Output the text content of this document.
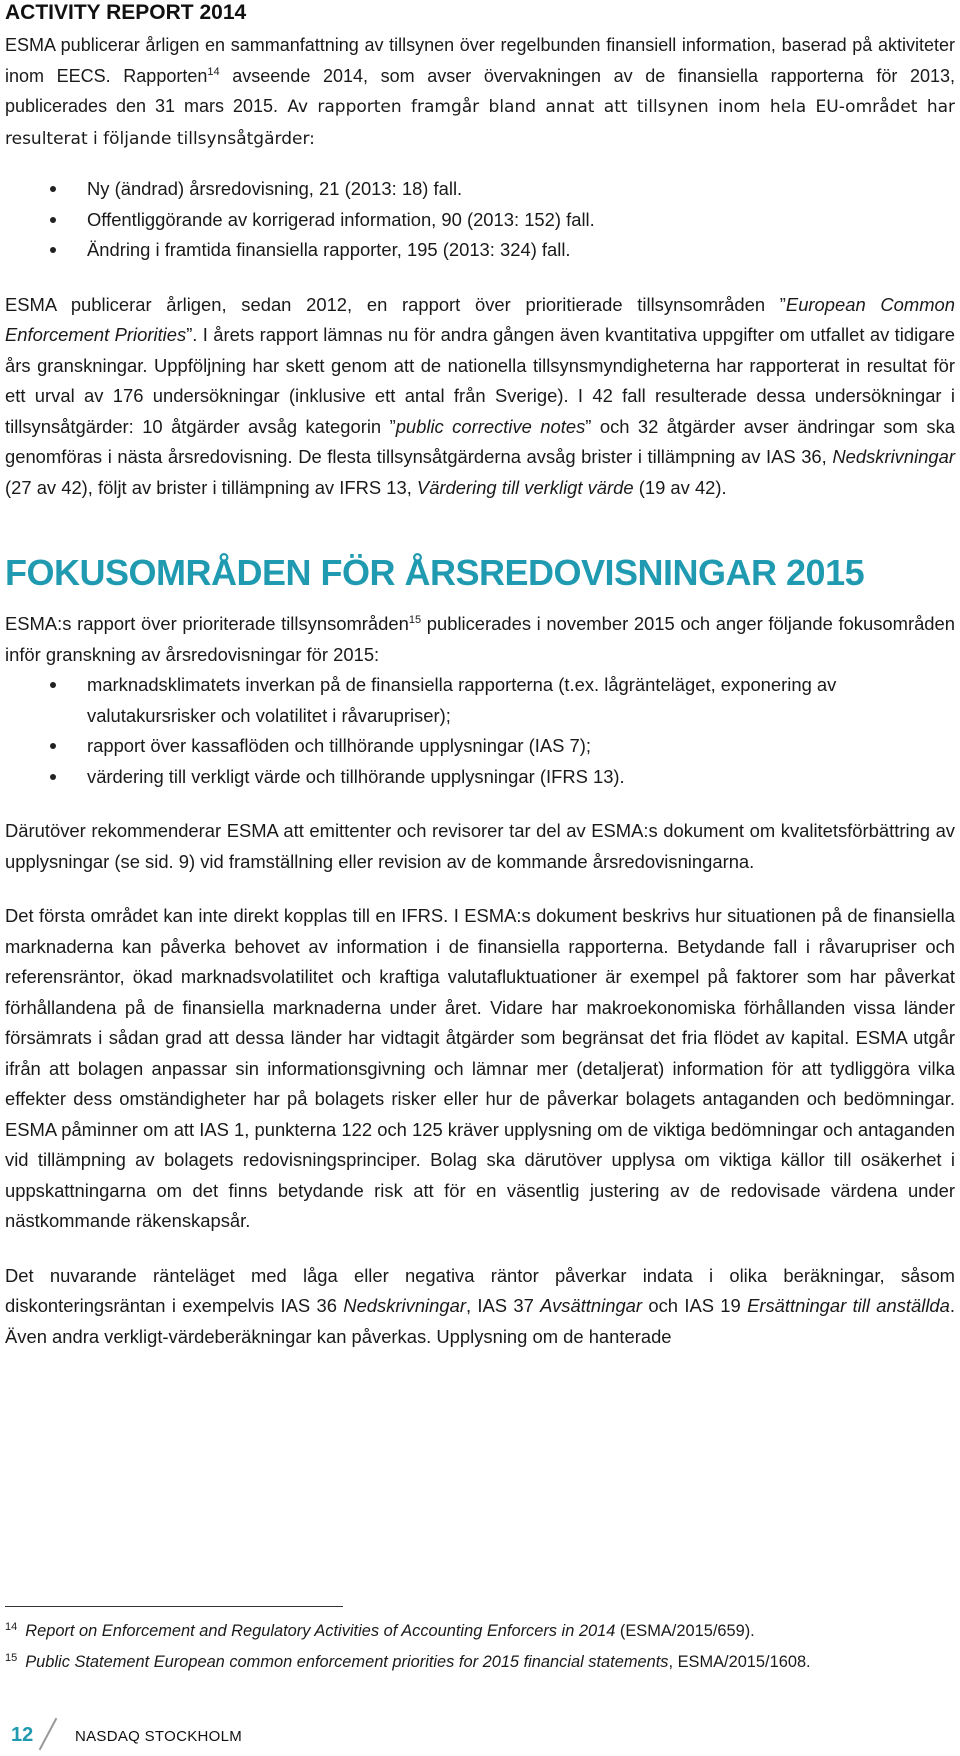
ACTIVITY REPORT 2014

ESMA publicerar årligen en sammanfattning av tillsynen över regelbunden finansiell information, baserad på aktiviteter inom EECS. Rapporten$^{14}$ avseende 2014, som avser övervakningen av de finansiella rapporterna för 2013, publicerades den 31 mars 2015. Av rapporten framgår bland annat att tillsynen inom hela EU-området har resulterat i följande tillsynsåtgärder:

Ny (ändrad) årsredovisning, 21 (2013: 18) fall.
Offentliggörande av korrigerad information, 90 (2013: 152) fall.
Ändring i framtida finansiella rapporter, 195 (2013: 324) fall.

ESMA publicerar årligen, sedan 2012, en rapport över prioritierade tillsynsområden ”European Common Enforcement Priorities”. I årets rapport lämnas nu för andra gången även kvantitativa uppgifter om utfallet av tidigare års granskningar. Uppföljning har skett genom att de nationella tillsynsmyndigheterna har rapporterat in resultat för ett urval av 176 undersökningar (inklusive ett antal från Sverige). I 42 fall resulterade dessa undersökningar i tillsynsåtgärder: 10 åtgärder avsåg kategorin ”public corrective notes” och 32 åtgärder avser ändringar som ska genomföras i nästa årsredovisning. De flesta tillsynsåtgärderna avsåg brister i tillämpning av IAS 36, Nedskrivningar (27 av 42), följt av brister i tillämpning av IFRS 13, Värdering till verkligt värde (19 av 42).

FOKUSOMRÅDEN FÖR ÅRSREDOVISNINGAR 2015

ESMA:s rapport över prioriterade tillsynsområden$^{15}$ publicerades i november 2015 och anger följande fokusområden inför granskning av årsredovisningar för 2015:

marknadsklimatets inverkan på de finansiella rapporterna (t.ex. lågränteläget, exponering av valutakursrisker och volatilitet i råvarupriser);
rapport över kassaflöden och tillhörande upplysningar (IAS 7);
värdering till verkligt värde och tillhörande upplysningar (IFRS 13).

Därutöver rekommenderar ESMA att emittenter och revisorer tar del av ESMA:s dokument om kvalitetsförbättring av upplysningar (se sid. 9) vid framställning eller revision av de kommande årsredovisningarna.

Det första området kan inte direkt kopplas till en IFRS. I ESMA:s dokument beskrivs hur situationen på de finansiella marknaderna kan påverka behovet av information i de finansiella rapporterna. Betydande fall i råvarupriser och referensräntor, ökad marknadsvolatilitet och kraftiga valutafluktuationer är exempel på faktorer som har påverkat förhållandena på de finansiella marknaderna under året. Vidare har makroekonomiska förhållanden vissa länder försämrats i sådan grad att dessa länder har vidtagit åtgärder som begränsat det fria flödet av kapital. ESMA utgår ifrån att bolagen anpassar sin informationsgivning och lämnar mer (detaljerat) information för att tydliggöra vilka effekter dess omständigheter har på bolagets risker eller hur de påverkar bolagets antaganden och bedömningar. ESMA påminner om att IAS 1, punkterna 122 och 125 kräver upplysning om de viktiga bedömningar och antaganden vid tillämpning av bolagets redovisningsprinciper. Bolag ska därutöver upplysa om viktiga källor till osäkerhet i uppskattningarna om det finns betydande risk att för en väsentlig justering av de redovisade värdena under nästkommande räkenskapsår.

Det nuvarande ränteläget med låga eller negativa räntor påverkar indata i olika beräkningar, såsom diskonteringsräntan i exempelvis IAS 36 Nedskrivningar, IAS 37 Avsättningar och IAS 19 Ersättningar till anställda. Även andra verkligt-värdeberäkningar kan påverkas. Upplysning om de hanterade

$^{14}$ Report on Enforcement and Regulatory Activities of Accounting Enforcers in 2014 (ESMA/2015/659).

$^{15}$ Public Statement European common enforcement priorities for 2015 financial statements, ESMA/2015/1608.

12	NASDAQ STOCKHOLM
